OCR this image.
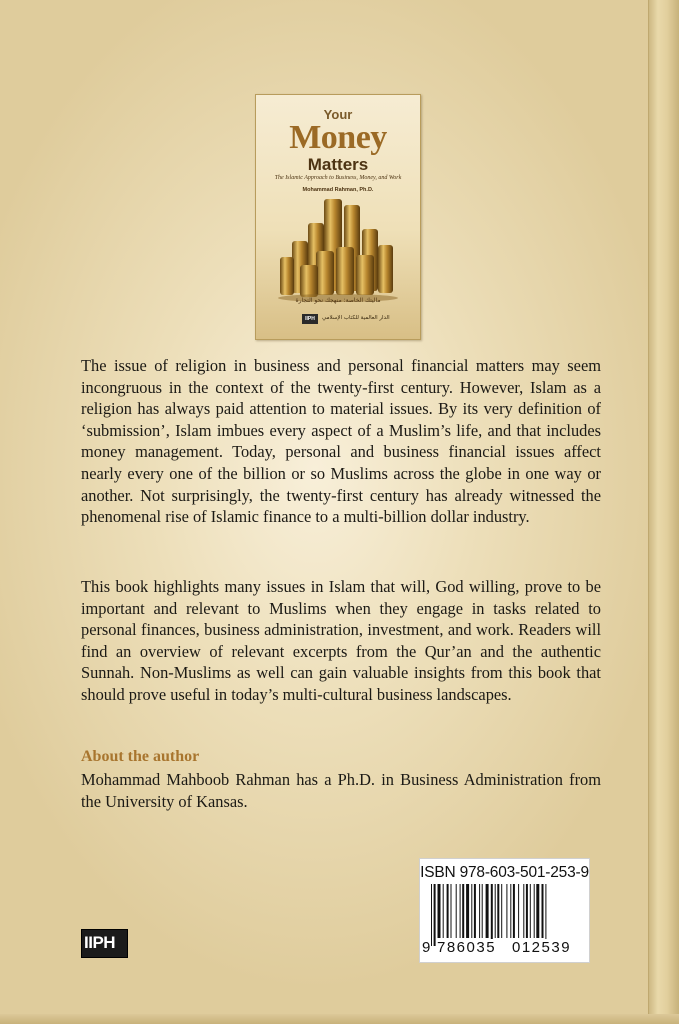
Your
Money
Matters
The Islamic Approach to Business, Money, and Work
Mohammad Rahman, Ph.D.
ماليتك الخاصة: منهجك نحو التجارة
IIPH	الدار العالمية للكتاب الإسلامي

The issue of religion in business and personal financial matters may seem incongruous in the context of the twenty-first century. However, Islam as a religion has always paid attention to material issues. By its very definition of ‘submission’, Islam imbues every aspect of a Muslim’s life, and that includes money management. Today, personal and business financial issues affect nearly every one of the billion or so Muslims across the globe in one way or another. Not surprisingly, the twenty-first century has already witnessed the phenomenal rise of Islamic finance to a multi-billion dollar industry.

This book highlights many issues in Islam that will, God willing, prove to be important and relevant to Muslims when they engage in tasks related to personal finances, business administration, investment, and work. Readers will find an overview of relevant excerpts from the Qur’an and the authentic Sunnah. Non-Muslims as well can gain valuable insights from this book that should prove useful in today’s multi-cultural business landscapes.

About the author

Mohammad Mahboob Rahman has a Ph.D. in Business Administration from the University of Kansas.

ISBN 978-603-501-253-9
9 786035 012539
IIPH
